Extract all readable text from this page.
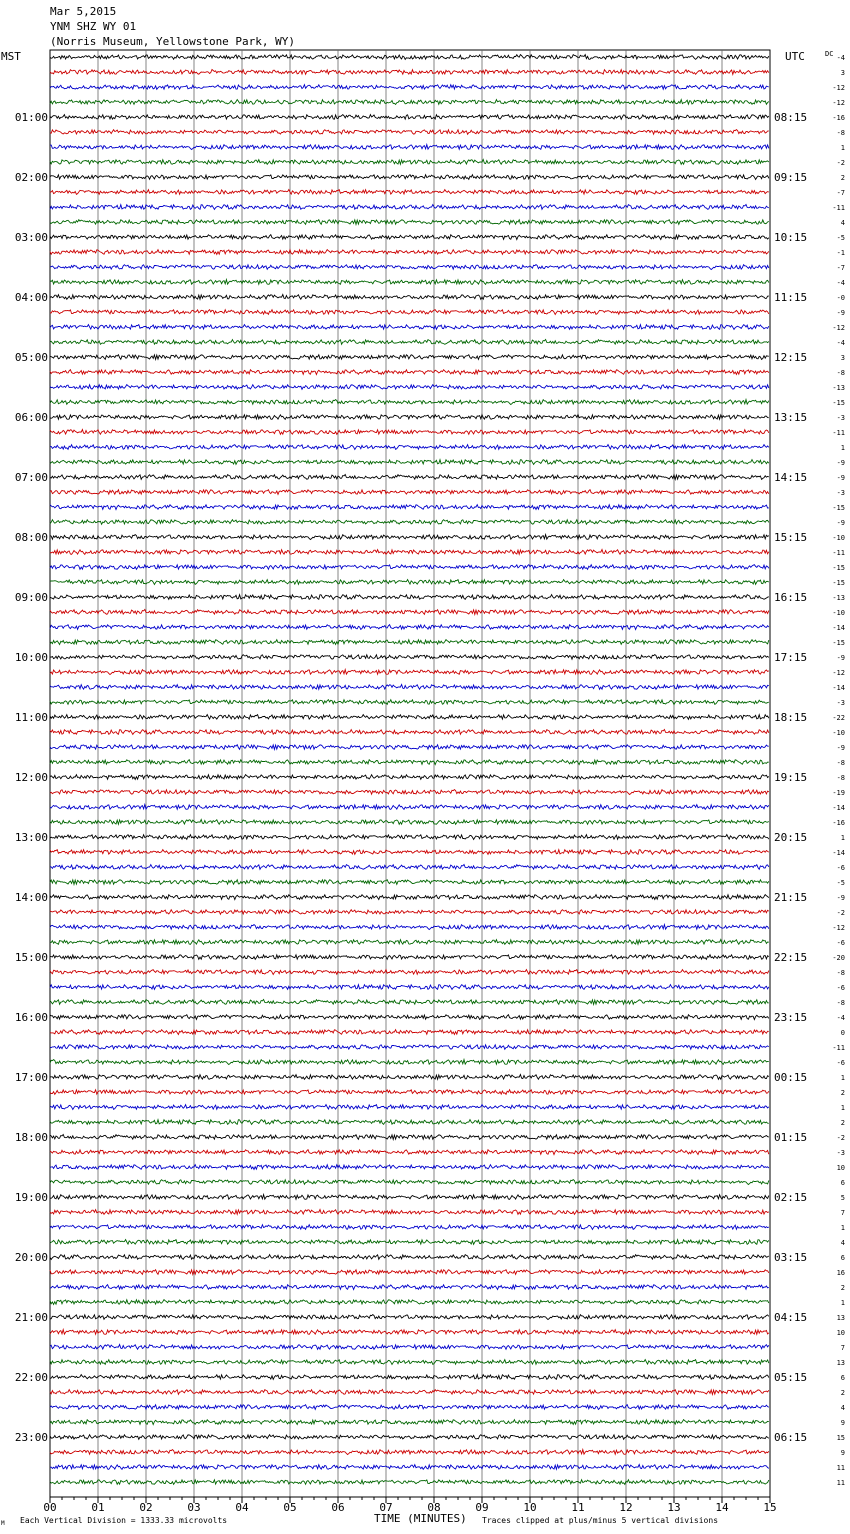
Mar 5,2015
YNM SHZ WY 01
(Norris Museum, Yellowstone Park, WY)
MST	UTC	DC
01:00
02:00
03:00
04:00
05:00
06:00
07:00
08:00
09:00
10:00
11:00
12:00
13:00
14:00
15:00
16:00
17:00
18:00
19:00
20:00
21:00
22:00
23:00
08:15
09:15
10:15
11:15
12:15
13:15
14:15
15:15
16:15
17:15
18:15
19:15
20:15
21:15
22:15
23:15
00:15
01:15
02:15
03:15
04:15
05:15
06:15
-4
3
-12
-12
-16
-8
1
-2
2
-7
-11
4
-5
-1
-7
-4
-0
-9
-12
-4
3
-8
-13
-15
-3
-11
1
-9
-9
-3
-15
-9
-10
-11
-15
-15
-13
-10
-14
-15
-9
-12
-14
-3
-22
-10
-9
-8
-8
-19
-14
-16
1
-14
-6
-5
-9
-2
-12
-6
-20
-8
-6
-8
-4
0
-11
-6
1
2
1
2
-2
-3
10
6
5
7
1
4
6
16
2
1
13
10
7
13
6
2
4
9
15
9
11
11
00	01	02	03	04	05	06	07	08	09	10	11	12	13	14	15
M Each Vertical Division = 1333.33 microvolts	TIME (MINUTES) Traces clipped at plus/minus 5 vertical divisions
